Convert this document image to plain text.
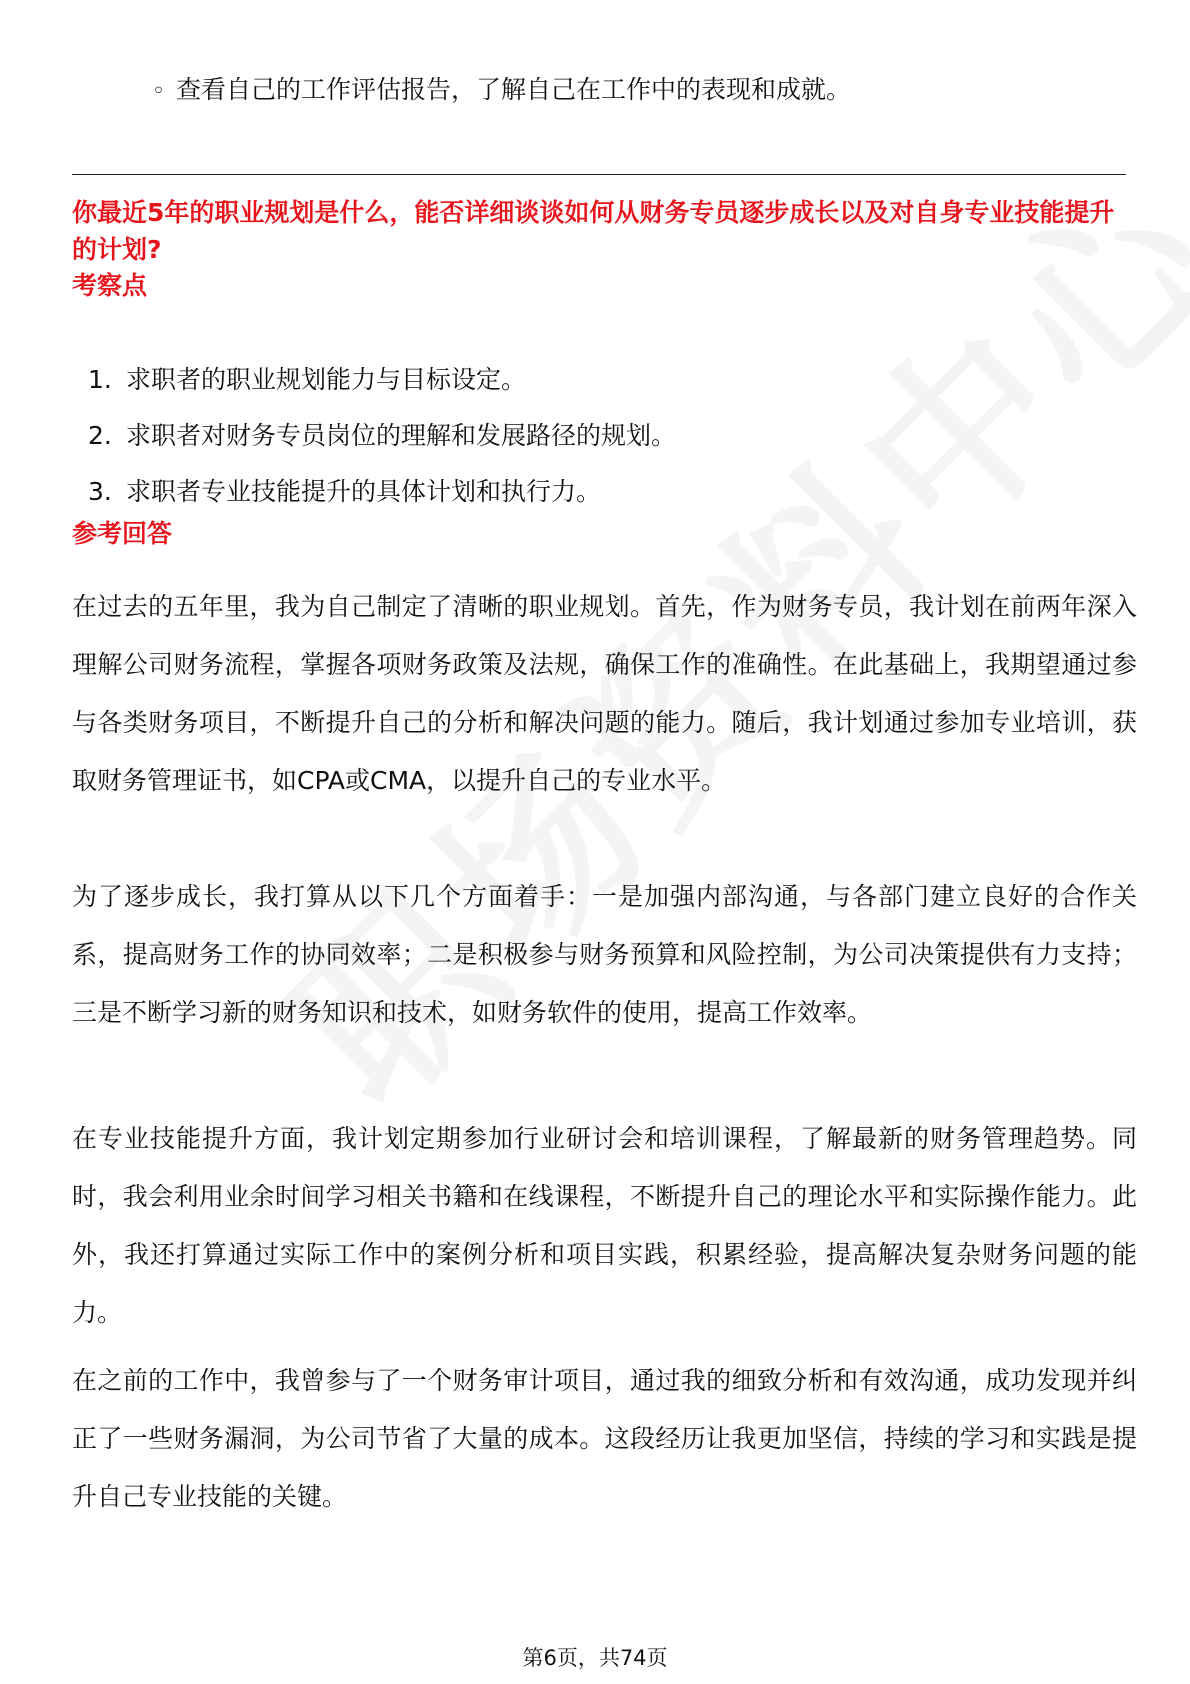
◦ 查看自己的工作评估报告，了解自己在工作中的表现和成就。
你最近5年的职业规划是什么，能否详细谈谈如何从财务专员逐步成长以及对自身专业技能提升的计划?
考察点
1. 求职者的职业规划能力与目标设定。
2. 求职者对财务专员岗位的理解和发展路径的规划。
3. 求职者专业技能提升的具体计划和执行力。
参考回答

在过去的五年里，我为自己制定了清晰的职业规划。首先，作为财务专员，我计划在前两年深入理解公司财务流程，掌握各项财务政策及法规，确保工作的准确性。在此基础上，我期望通过参与各类财务项目，不断提升自己的分析和解决问题的能力。随后，我计划通过参加专业培训，获取财务管理证书，如CPA或CMA，以提升自己的专业水平。

为了逐步成长，我打算从以下几个方面着手：一是加强内部沟通，与各部门建立良好的合作关系，提高财务工作的协同效率；二是积极参与财务预算和风险控制，为公司决策提供有力支持；三是不断学习新的财务知识和技术，如财务软件的使用，提高工作效率。

在专业技能提升方面，我计划定期参加行业研讨会和培训课程，了解最新的财务管理趋势。同时，我会利用业余时间学习相关书籍和在线课程，不断提升自己的理论水平和实际操作能力。此外，我还打算通过实际工作中的案例分析和项目实践，积累经验，提高解决复杂财务问题的能力。

在之前的工作中，我曾参与了一个财务审计项目，通过我的细致分析和有效沟通，成功发现并纠正了一些财务漏洞，为公司节省了大量的成本。这段经历让我更加坚信，持续的学习和实践是提升自己专业技能的关键。

第6页，共74页
